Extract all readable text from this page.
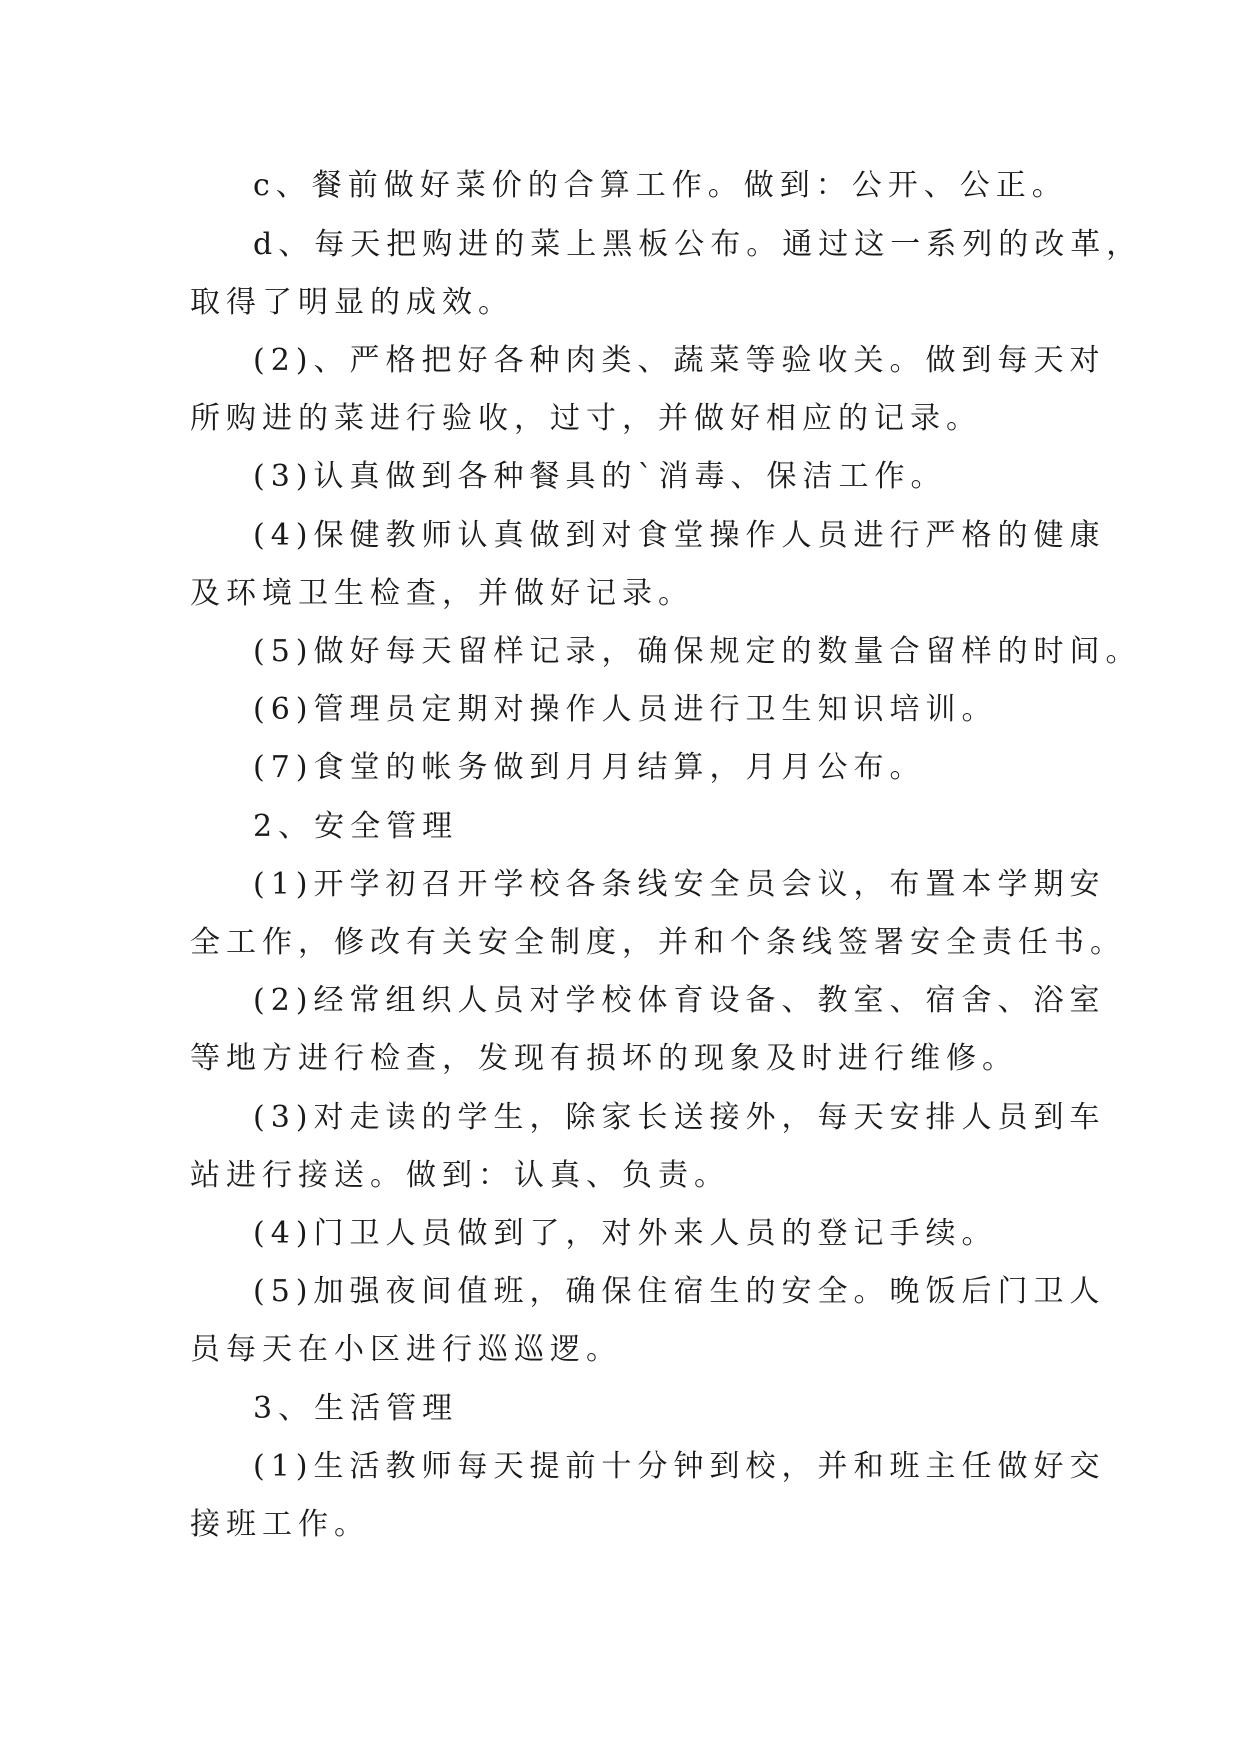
c、餐前做好菜价的合算工作。做到：公开、公正。
d、每天把购进的菜上黑板公布。通过这一系列的改革，
取得了明显的成效。
(2)、严格把好各种肉类、蔬菜等验收关。做到每天对
所购进的菜进行验收，过寸，并做好相应的记录。
(3)认真做到各种餐具的`消毒、保洁工作。
(4)保健教师认真做到对食堂操作人员进行严格的健康
及环境卫生检查，并做好记录。
(5)做好每天留样记录，确保规定的数量合留样的时间。
(6)管理员定期对操作人员进行卫生知识培训。
(7)食堂的帐务做到月月结算，月月公布。
2、安全管理
(1)开学初召开学校各条线安全员会议，布置本学期安
全工作，修改有关安全制度，并和个条线签署安全责任书。
(2)经常组织人员对学校体育设备、教室、宿舍、浴室
等地方进行检查，发现有损坏的现象及时进行维修。
(3)对走读的学生，除家长送接外，每天安排人员到车
站进行接送。做到：认真、负责。
(4)门卫人员做到了，对外来人员的登记手续。
(5)加强夜间值班，确保住宿生的安全。晚饭后门卫人
员每天在小区进行巡巡逻。
3、生活管理
(1)生活教师每天提前十分钟到校，并和班主任做好交
接班工作。
